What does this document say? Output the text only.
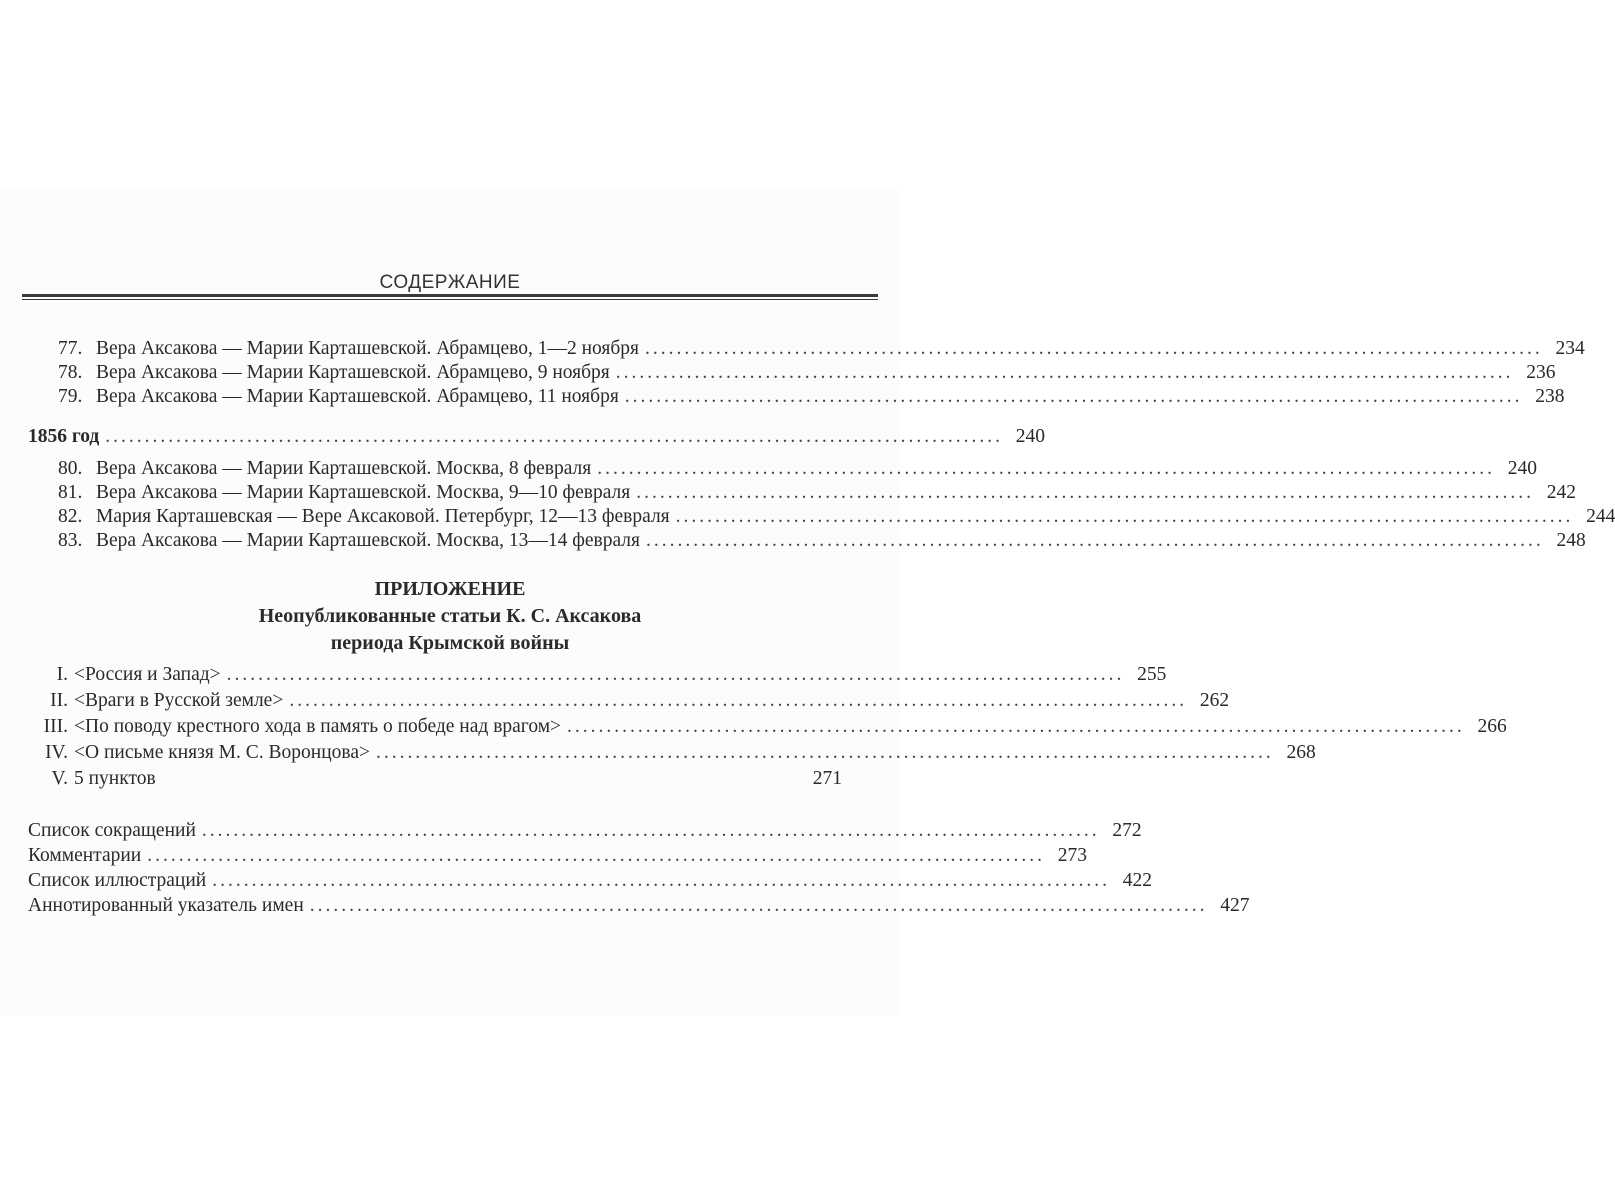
СОДЕРЖАНИЕ
77. Вера Аксакова — Марии Карташевской. Абрамцево, 1—2 ноября .................................................................................................................. 234
78. Вера Аксакова — Марии Карташевской. Абрамцево, 9 ноября .................................................................................................................. 236
79. Вера Аксакова — Марии Карташевской. Абрамцево, 11 ноября .................................................................................................................. 238
1856 год .................................................................................................................. 240
80. Вера Аксакова — Марии Карташевской. Москва, 8 февраля .................................................................................................................. 240
81. Вера Аксакова — Марии Карташевской. Москва, 9—10 февраля .................................................................................................................. 242
82. Мария Карташевская — Вере Аксаковой. Петербург, 12—13 февраля .................................................................................................................. 244
83. Вера Аксакова — Марии Карташевской. Москва, 13—14 февраля .................................................................................................................. 248
ПРИЛОЖЕНИЕ
Неопубликованные статьи К. С. Аксакова
периода Крымской войны
I. <Россия и Запад> .................................................................................................................. 255
II. <Враги в Русской земле> .................................................................................................................. 262
III. <По поводу крестного хода в память о победе над врагом> .................................................................................................................. 266
IV. <О письме князя М. С. Воронцова> .................................................................................................................. 268
V. 5 пунктов	271
Список сокращений .................................................................................................................. 272
Комментарии .................................................................................................................. 273
Список иллюстраций .................................................................................................................. 422
Аннотированный указатель имен .................................................................................................................. 427
